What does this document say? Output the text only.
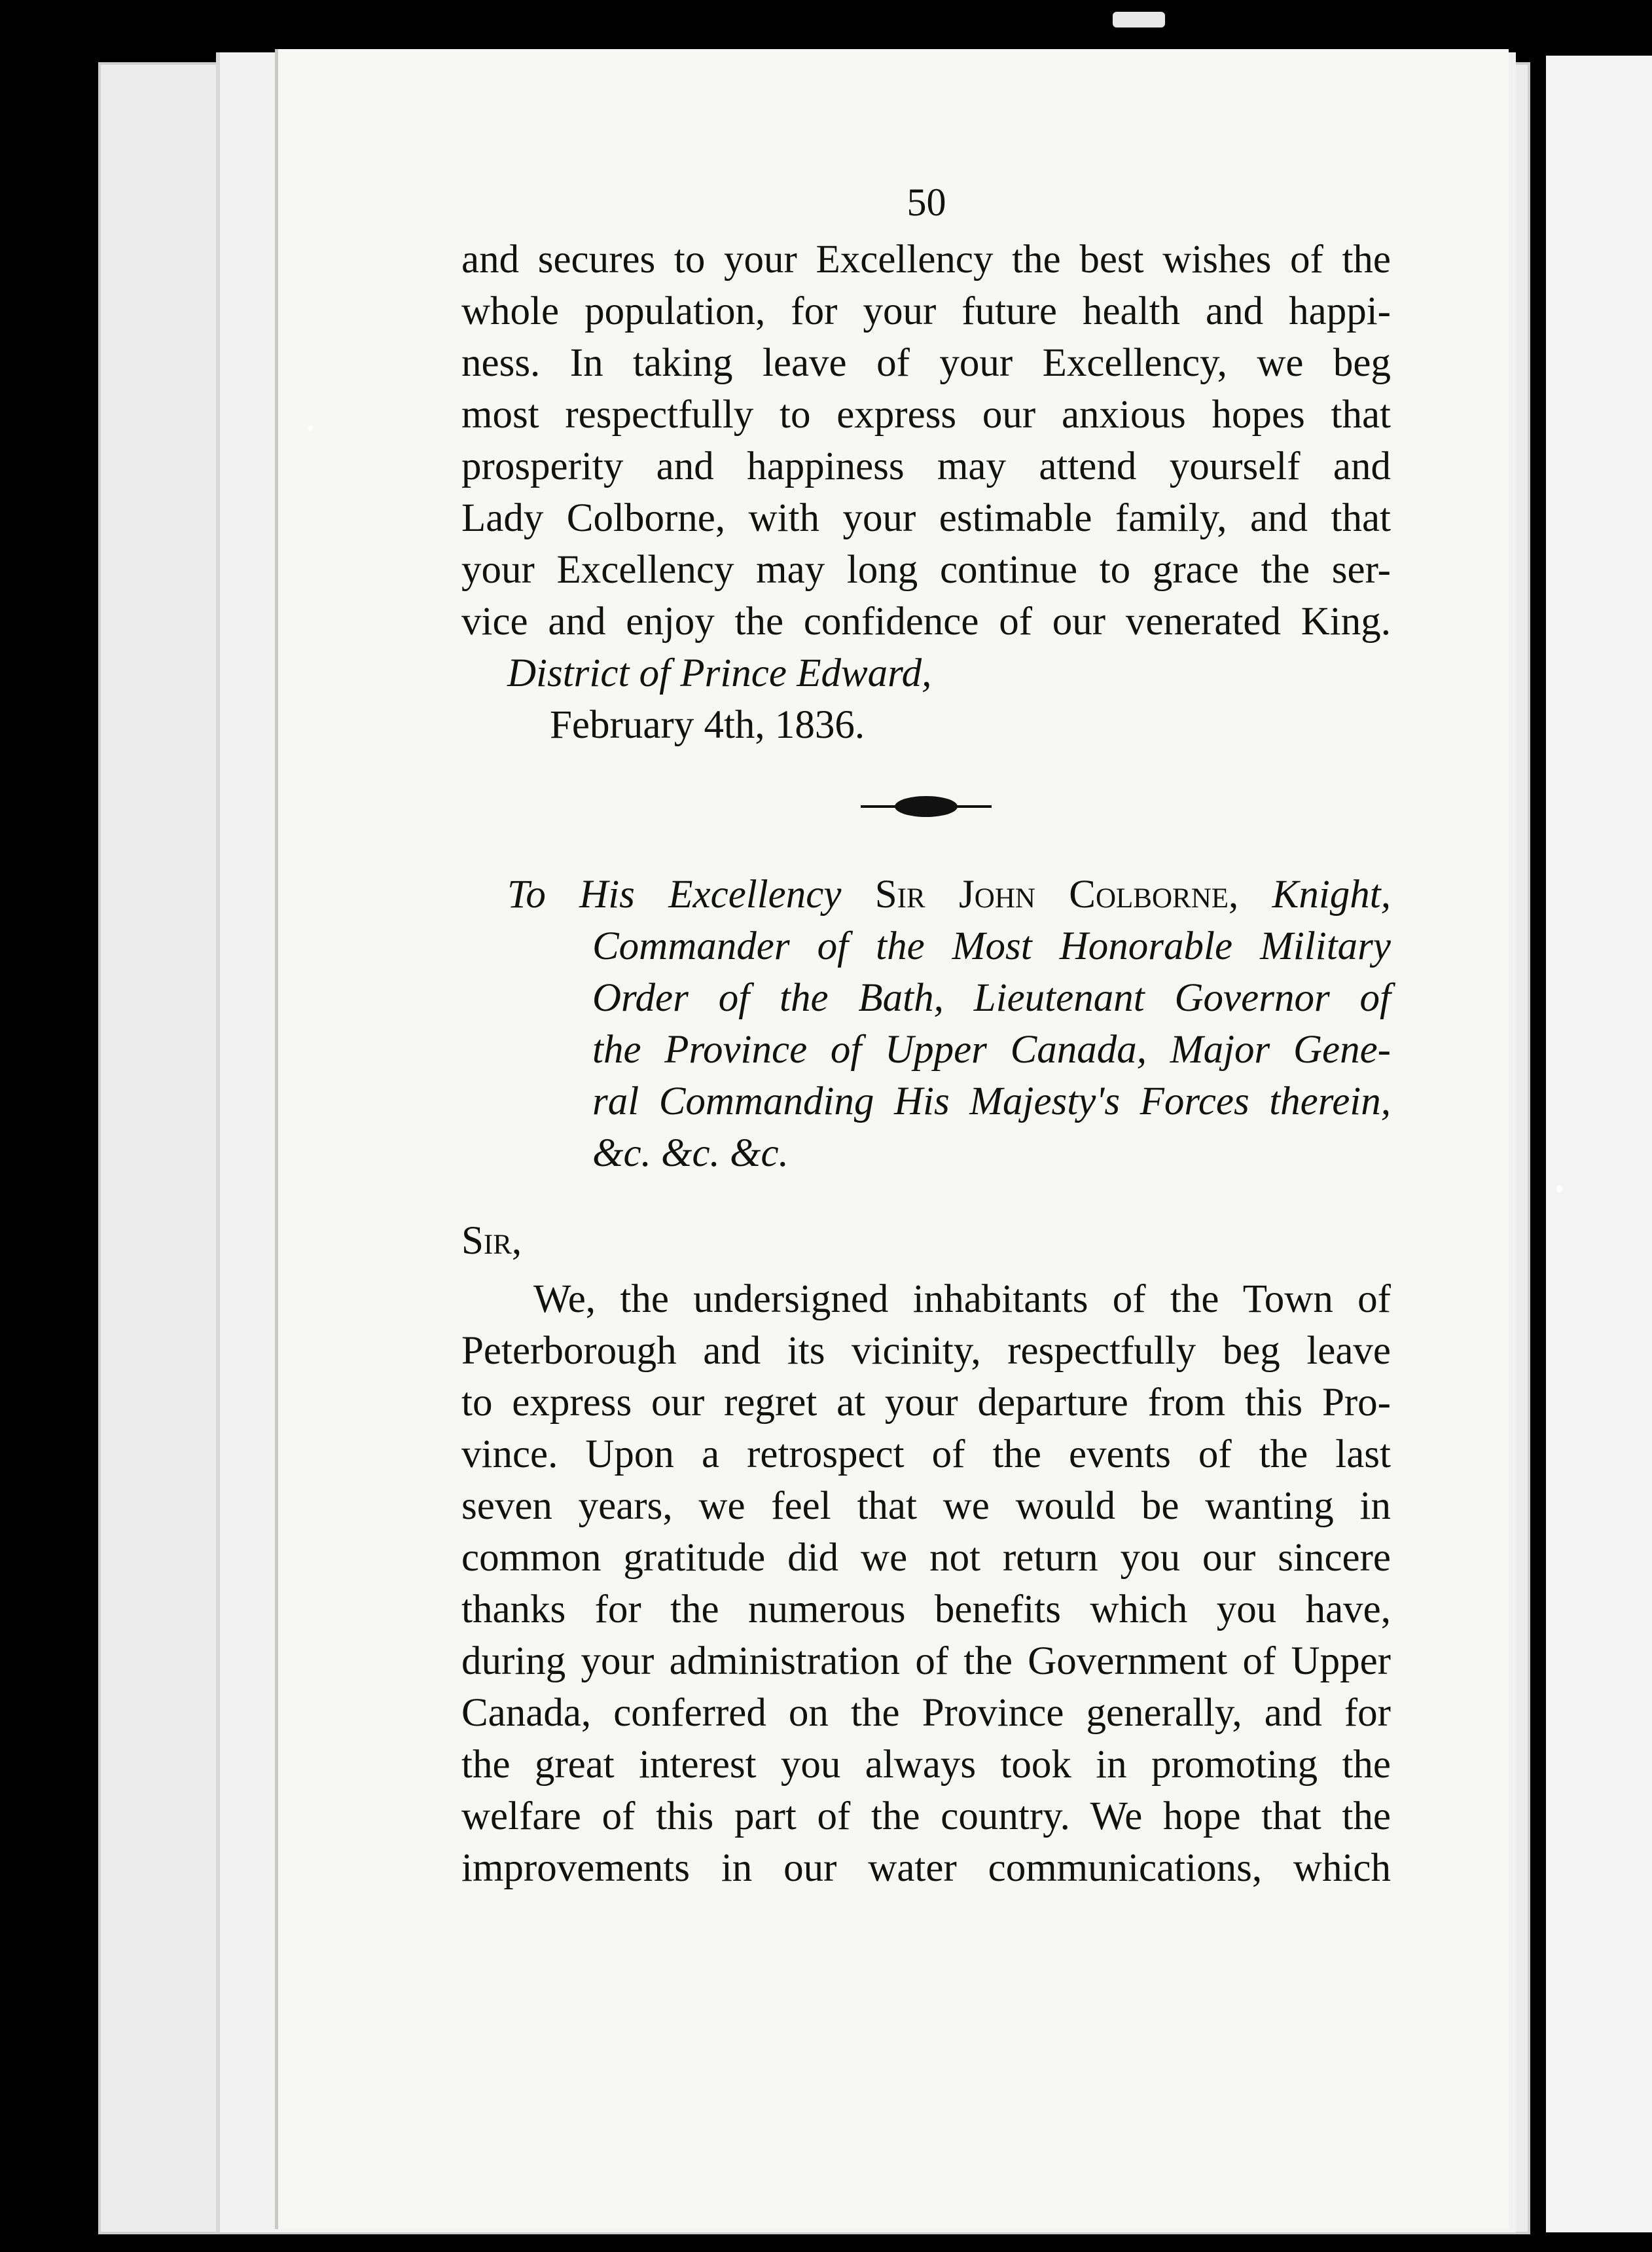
50
and secures to your Excellency the best wishes of the
whole population, for your future health and happi-
ness. In taking leave of your Excellency, we beg
most respectfully to express our anxious hopes that
prosperity and happiness may attend yourself and
Lady Colborne, with your estimable family, and that
your Excellency may long continue to grace the ser-
vice and enjoy the confidence of our venerated King.
District of Prince Edward,
February 4th, 1836.
To His Excellency Sir John Colborne, Knight,
Commander of the Most Honorable Military
Order of the Bath, Lieutenant Governor of
the Province of Upper Canada, Major Gene-
ral Commanding His Majesty's Forces therein,
&c. &c. &c.
Sir,
We, the undersigned inhabitants of the Town of
Peterborough and its vicinity, respectfully beg leave
to express our regret at your departure from this Pro-
vince. Upon a retrospect of the events of the last
seven years, we feel that we would be wanting in
common gratitude did we not return you our sincere
thanks for the numerous benefits which you have,
during your administration of the Government of Upper
Canada, conferred on the Province generally, and for
the great interest you always took in promoting the
welfare of this part of the country. We hope that the
improvements in our water communications, which
